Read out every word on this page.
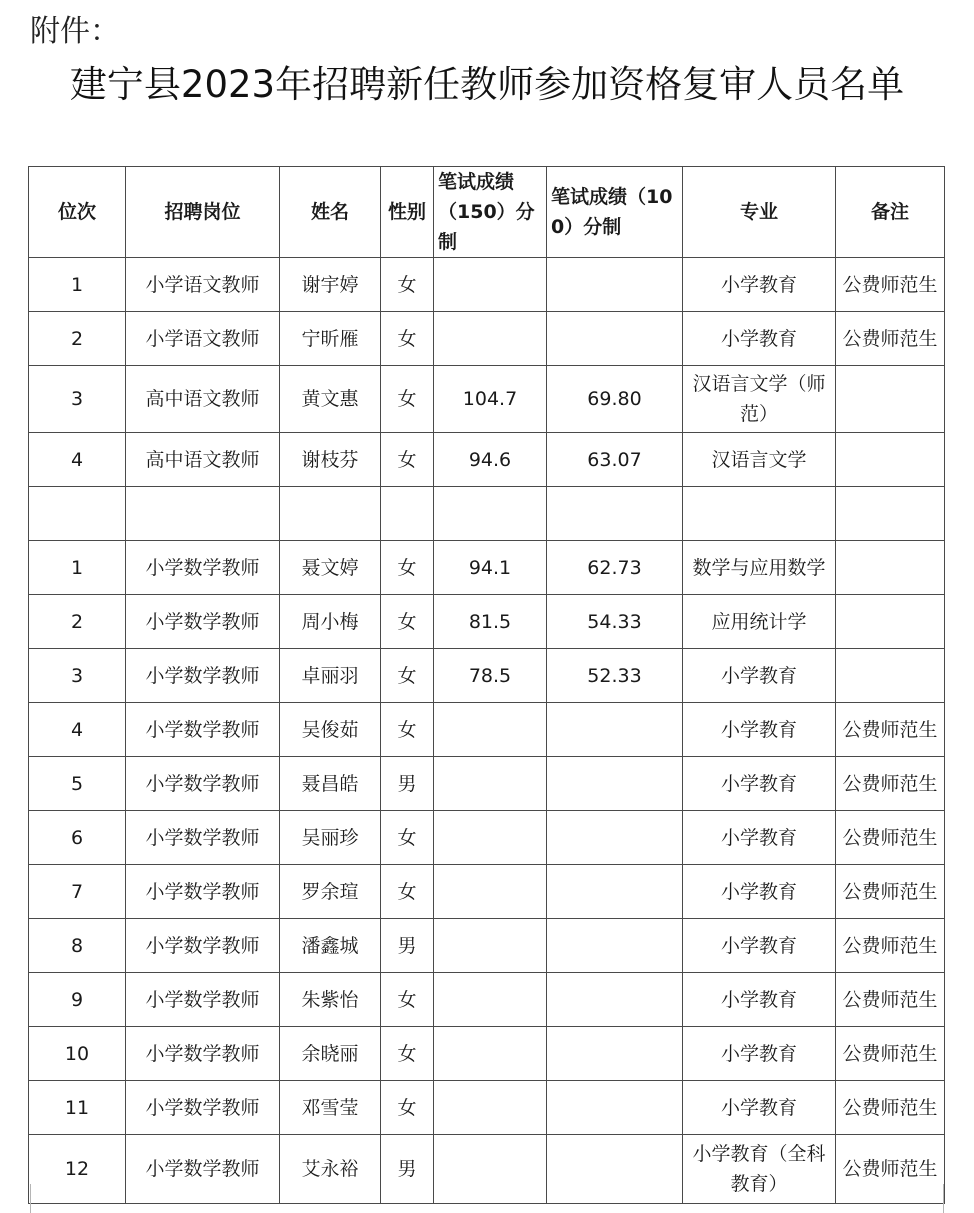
附件：
建宁县2023年招聘新任教师参加资格复审人员名单
位次	招聘岗位	姓名	性别	笔试成绩（150）分制	笔试成绩（100）分制	专业	备注
1	小学语文教师	谢宇婷	女			小学教育	公费师范生
2	小学语文教师	宁昕雁	女			小学教育	公费师范生
3	高中语文教师	黄文惠	女	104.7	69.80	汉语言文学（师范）	
4	高中语文教师	谢枝芬	女	94.6	63.07	汉语言文学	

1	小学数学教师	聂文婷	女	94.1	62.73	数学与应用数学	
2	小学数学教师	周小梅	女	81.5	54.33	应用统计学	
3	小学数学教师	卓丽羽	女	78.5	52.33	小学教育	
4	小学数学教师	吴俊茹	女			小学教育	公费师范生
5	小学数学教师	聂昌皓	男			小学教育	公费师范生
6	小学数学教师	吴丽珍	女			小学教育	公费师范生
7	小学数学教师	罗余瑄	女			小学教育	公费师范生
8	小学数学教师	潘鑫城	男			小学教育	公费师范生
9	小学数学教师	朱紫怡	女			小学教育	公费师范生
10	小学数学教师	余晓丽	女			小学教育	公费师范生
11	小学数学教师	邓雪莹	女			小学教育	公费师范生
12	小学数学教师	艾永裕	男			小学教育（全科教育）	公费师范生
